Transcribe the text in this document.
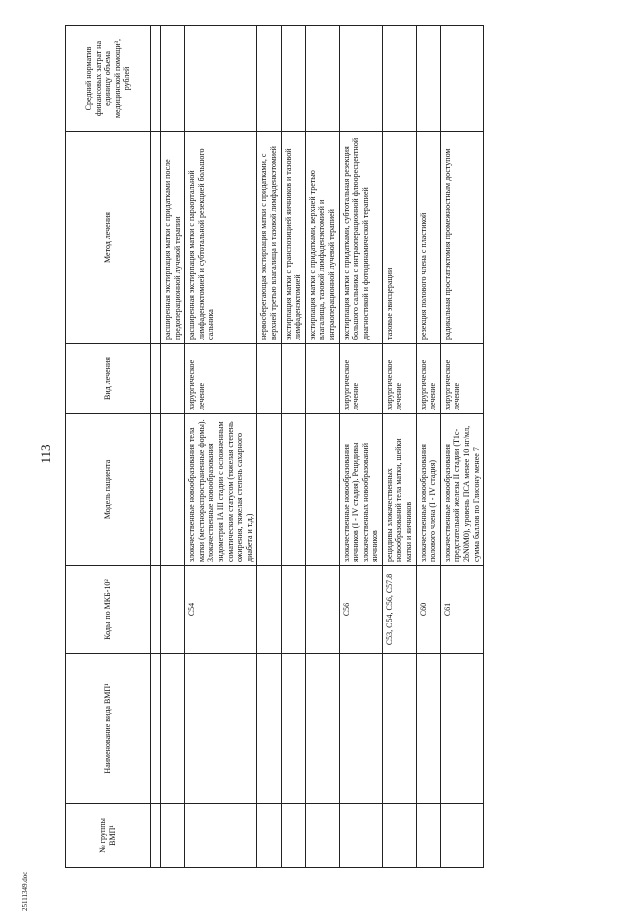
113
25111349.doc
№ группы ВМП¹	Наименование вида ВМП¹	Коды по МКБ-10²	Модель пациента	Вид лечения	Метод лечения	Средний норматив финансовых затрат на единицу объема медицинской помощи³, рублей

					расширенная экстирпация матки с придатками после предоперационной лучевой терапии	
		C54	злокачественные новообразования тела матки (местнораспространенные формы). Злокачественные новообразования эндометрия IA III стадии с осложненным соматическим статусом (тяжелая степень ожирения, тяжелая степень сахарного диабета и т.д.)	хирургическое лечение	расширенная экстирпация матки с параортальной лимфаденэктомией и субтотальной резекцией большого сальника	
					нервосберегающая экстирпация матки с придатками, с верхней третью влагалища и тазовой лимфаденкэтомией	
					экстирпация матки с транспозицией яичников и тазовой лимфаденэктомией	
					экстирпация матки с придатками, верхней третью влагалища, тазовой лимфаденэктомией и интраоперационной лучевой терапией	
		C56	злокачественные новообразования яичников (I - IV стадия). Рецидивы злокачественных новообразований яичников	хирургическое лечение	экстирпация матки с придатками, субтотальная резекция большого сальника с интраоперационной флюоресцентной диагностикой и фотодинамической терапией	
		C53, C54, C56, C57.8	рецидивы злокачественных новообразований тела матки, шейки матки и яичников	хирургическое лечение	тазовые эвисцерации	
		C60	злокачественные новообразования полового члена (I - IV стадия)	хирургическое лечение	резекция полового члена с пластикой	
		C61	злокачественные новообразования предстательной железы II стадии (T1c-2bN0M0), уровень ПСА менее 10 нг/мл, сумма баллов по Глисону менее 7	хирургическое лечение	радикальная простатэктомия промежностным доступом	
